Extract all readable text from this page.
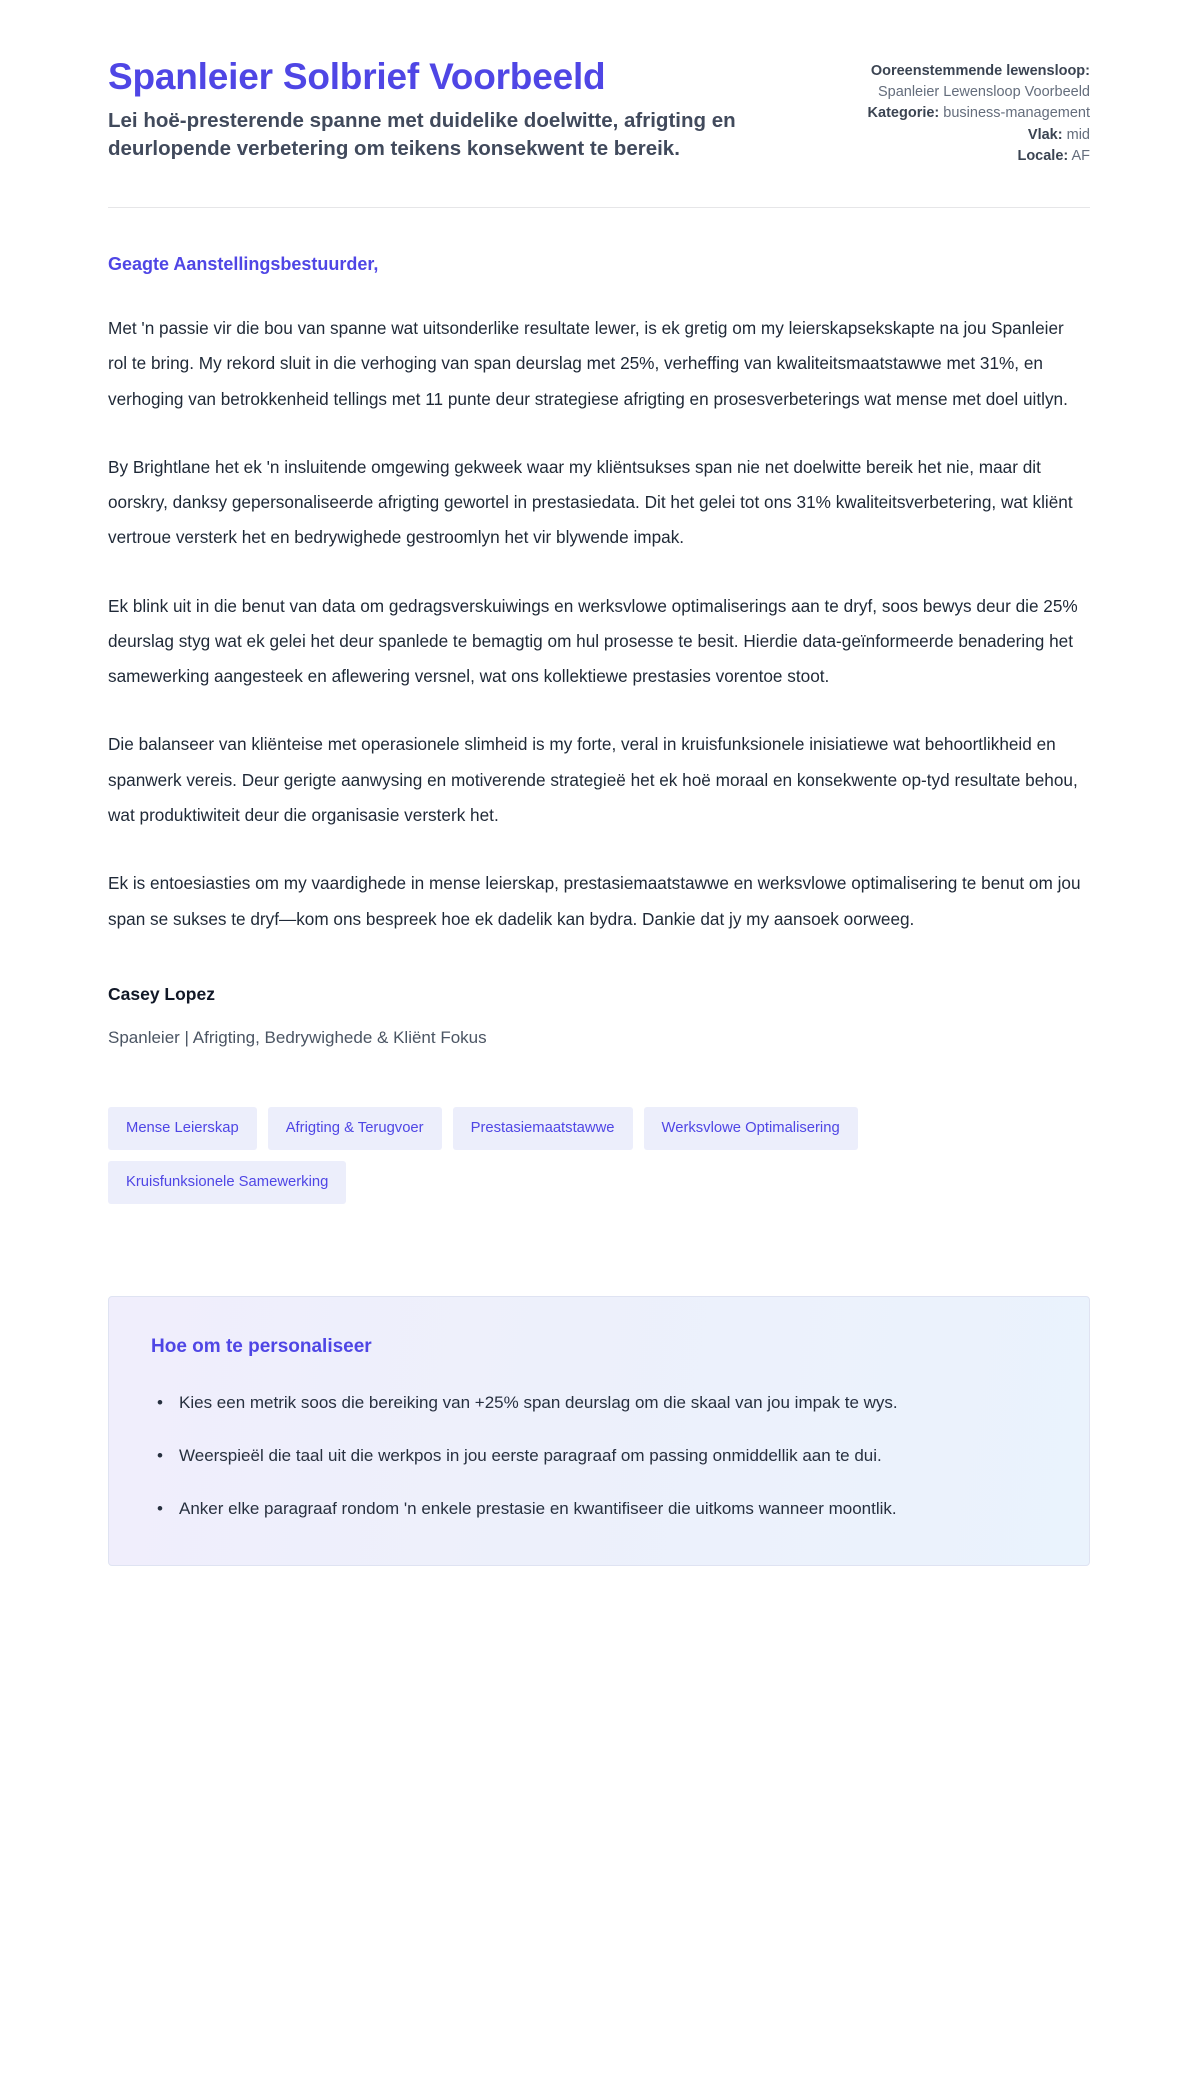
Spanleier Solbrief Voorbeeld

Lei hoë-presterende spanne met duidelike doelwitte, afrigting en deurlopende verbetering om teikens konsekwent te bereik.

Ooreenstemmende lewensloop: Spanleier Lewensloop Voorbeeld
Kategorie: business-management
Vlak: mid
Locale: AF

Geagte Aanstellingsbestuurder,

Met 'n passie vir die bou van spanne wat uitsonderlike resultate lewer, is ek gretig om my leierskapsekskapte na jou Spanleier rol te bring. My rekord sluit in die verhoging van span deurslag met 25%, verheffing van kwaliteitsmaatstawwe met 31%, en verhoging van betrokkenheid tellings met 11 punte deur strategiese afrigting en prosesverbeterings wat mense met doel uitlyn.

By Brightlane het ek 'n insluitende omgewing gekweek waar my kliëntsukses span nie net doelwitte bereik het nie, maar dit oorskry, danksy gepersonaliseerde afrigting gewortel in prestasiedata. Dit het gelei tot ons 31% kwaliteitsverbetering, wat kliënt vertroue versterk het en bedrywighede gestroomlyn het vir blywende impak.

Ek blink uit in die benut van data om gedragsverskuiwings en werksvlowe optimaliserings aan te dryf, soos bewys deur die 25% deurslag styg wat ek gelei het deur spanlede te bemagtig om hul prosesse te besit. Hierdie data-geïnformeerde benadering het samewerking aangesteek en aflewering versnel, wat ons kollektiewe prestasies vorentoe stoot.

Die balanseer van kliënteise met operasionele slimheid is my forte, veral in kruisfunksionele inisiatiewe wat behoortlikheid en spanwerk vereis. Deur gerigte aanwysing en motiverende strategieë het ek hoë moraal en konsekwente op-tyd resultate behou, wat produktiwiteit deur die organisasie versterk het.

Ek is entoesiasties om my vaardighede in mense leierskap, prestasiemaatstawwe en werksvlowe optimalisering te benut om jou span se sukses te dryf—kom ons bespreek hoe ek dadelik kan bydra. Dankie dat jy my aansoek oorweeg.

Casey Lopez

Spanleier | Afrigting, Bedrywighede & Kliënt Fokus

Mense Leierskap	Afrigting & Terugvoer	Prestasiemaatstawwe	Werksvlowe Optimalisering
Kruisfunksionele Samewerking
Hoe om te personaliseer
• Kies een metrik soos die bereiking van +25% span deurslag om die skaal van jou impak te wys.
• Weerspieël die taal uit die werkpos in jou eerste paragraaf om passing onmiddellik aan te dui.
• Anker elke paragraaf rondom 'n enkele prestasie en kwantifiseer die uitkoms wanneer moontlik.
